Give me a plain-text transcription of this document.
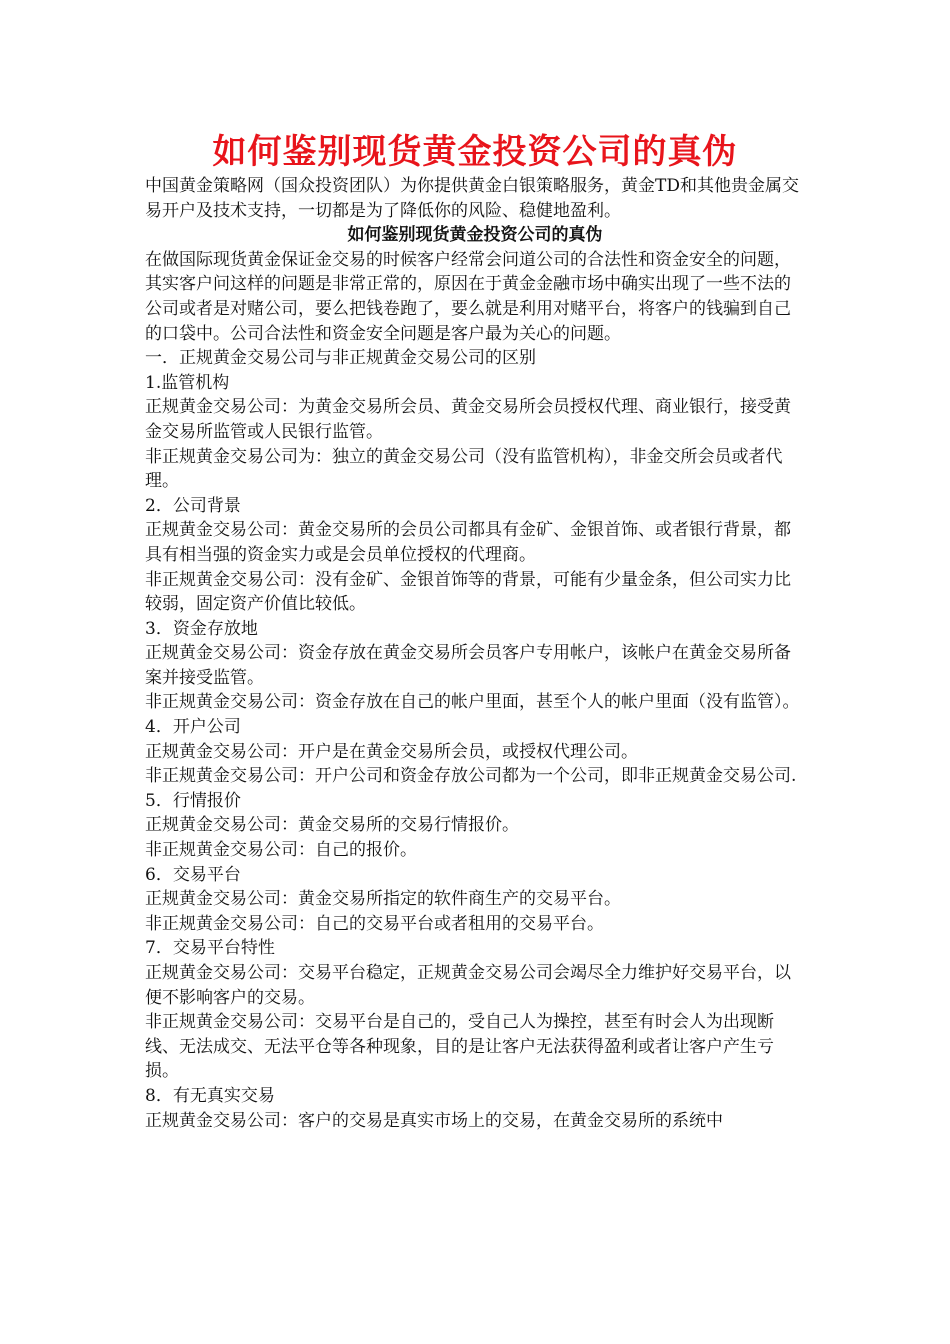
如何鉴别现货黄金投资公司的真伪

中国黄金策略网（国众投资团队）为你提供黄金白银策略服务，黄金TD和其他贵金属交易开户及技术支持，一切都是为了降低你的风险、稳健地盈利。

如何鉴别现货黄金投资公司的真伪

在做国际现货黄金保证金交易的时候客户经常会问道公司的合法性和资金安全的问题，其实客户问这样的问题是非常正常的，原因在于黄金金融市场中确实出现了一些不法的公司或者是对赌公司，要么把钱卷跑了，要么就是利用对赌平台，将客户的钱骗到自己的口袋中。公司合法性和资金安全问题是客户最为关心的问题。

一．正规黄金交易公司与非正规黄金交易公司的区别

1.监管机构

正规黄金交易公司：为黄金交易所会员、黄金交易所会员授权代理、商业银行，接受黄金交易所监管或人民银行监管。

非正规黄金交易公司为：独立的黄金交易公司（没有监管机构），非金交所会员或者代理。

2．公司背景

正规黄金交易公司：黄金交易所的会员公司都具有金矿、金银首饰、或者银行背景，都具有相当强的资金实力或是会员单位授权的代理商。

非正规黄金交易公司：没有金矿、金银首饰等的背景，可能有少量金条，但公司实力比较弱，固定资产价值比较低。

3．资金存放地

正规黄金交易公司：资金存放在黄金交易所会员客户专用帐户，该帐户在黄金交易所备案并接受监管。

非正规黄金交易公司：资金存放在自己的帐户里面，甚至个人的帐户里面（没有监管）。

4．开户公司

正规黄金交易公司：开户是在黄金交易所会员，或授权代理公司。

非正规黄金交易公司：开户公司和资金存放公司都为一个公司，即非正规黄金交易公司.

5．行情报价

正规黄金交易公司：黄金交易所的交易行情报价。

非正规黄金交易公司：自己的报价。

6．交易平台

正规黄金交易公司：黄金交易所指定的软件商生产的交易平台。

非正规黄金交易公司：自己的交易平台或者租用的交易平台。

7．交易平台特性

正规黄金交易公司：交易平台稳定，正规黄金交易公司会竭尽全力维护好交易平台，以便不影响客户的交易。

非正规黄金交易公司：交易平台是自己的，受自己人为操控，甚至有时会人为出现断线、无法成交、无法平仓等各种现象，目的是让客户无法获得盈利或者让客户产生亏损。

8．有无真实交易

正规黄金交易公司：客户的交易是真实市场上的交易，在黄金交易所的系统中
